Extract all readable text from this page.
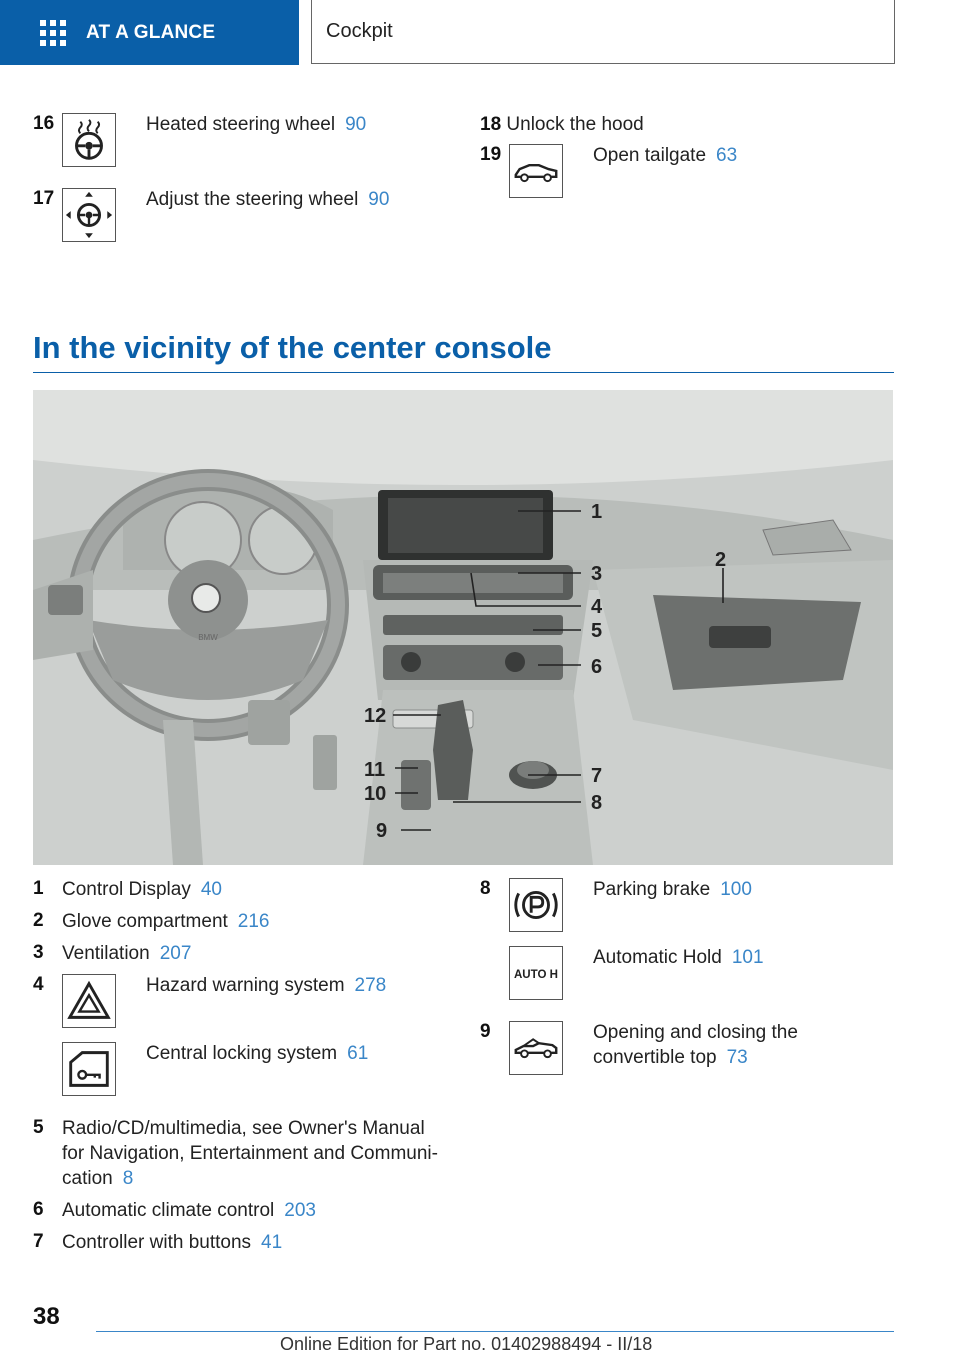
AT A GLANCE	Cockpit
16	Heated steering wheel 90
17	Adjust the steering wheel 90
18 Unlock the hood
19	Open tailgate 63
In the vicinity of the center console
BMW
1
2
3
4
5
6
7
8
9
10
11
12
1 Control Display 40
2 Glove compartment 216
3 Ventilation 207
4	Hazard warning system 278
Central locking system 61
5 Radio/CD/multimedia, see Owner's Manual
for Navigation, Entertainment and Communi-
cation 8
6 Automatic climate control 203
7 Controller with buttons 41
8	Parking brake 100
AUTO H
Automatic Hold 101
9	Opening and closing the
convertible top 73
38
Online Edition for Part no. 01402988494 - II/18
